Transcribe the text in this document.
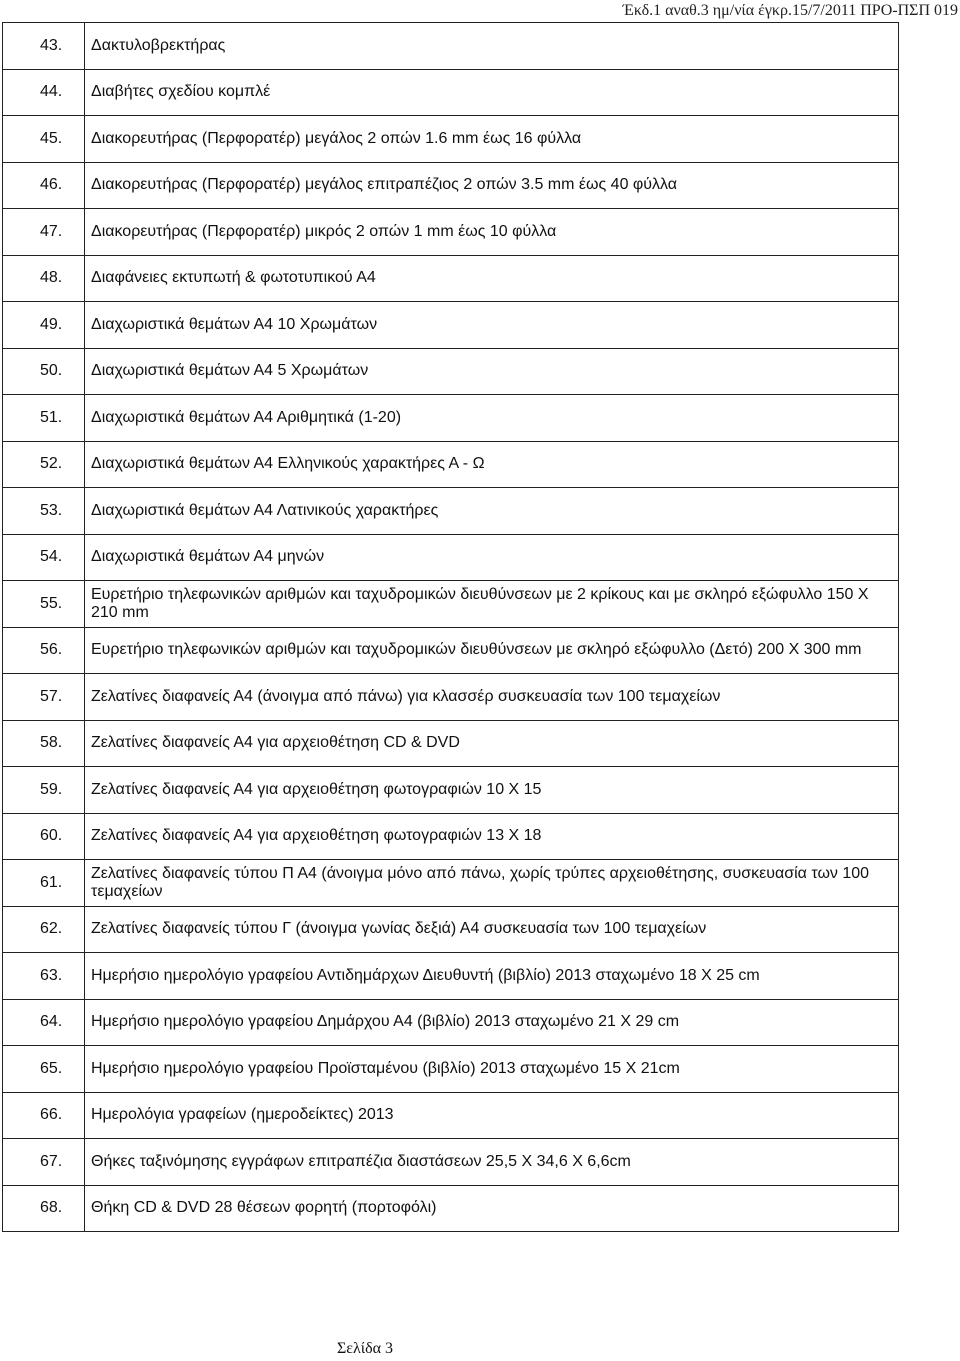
Έκδ.1 αναθ.3 ημ/νία έγκρ.15/7/2011 ΠΡΟ-ΠΣΠ 019
43.	Δακτυλοβρεκτήρας
44.	Διαβήτες σχεδίου κομπλέ
45.	Διακορευτήρας (Περφορατέρ) μεγάλος 2 οπών 1.6 mm έως 16 φύλλα
46.	Διακορευτήρας (Περφορατέρ) μεγάλος επιτραπέζιος 2 οπών 3.5 mm έως 40 φύλλα
47.	Διακορευτήρας (Περφορατέρ) μικρός 2 οπών 1 mm έως 10 φύλλα
48.	Διαφάνειες εκτυπωτή & φωτοτυπικού Α4
49.	Διαχωριστικά θεμάτων Α4 10 Χρωμάτων
50.	Διαχωριστικά θεμάτων Α4 5 Χρωμάτων
51.	Διαχωριστικά θεμάτων Α4 Αριθμητικά (1-20)
52.	Διαχωριστικά θεμάτων Α4 Ελληνικούς χαρακτήρες Α - Ω
53.	Διαχωριστικά θεμάτων Α4 Λατινικούς χαρακτήρες
54.	Διαχωριστικά θεμάτων Α4 μηνών
55.	Ευρετήριο τηλεφωνικών αριθμών και ταχυδρομικών διευθύνσεων με 2 κρίκους και με σκληρό εξώφυλλο 150 Χ 210 mm
56.	Ευρετήριο τηλεφωνικών αριθμών και ταχυδρομικών διευθύνσεων με σκληρό εξώφυλλο (Δετό) 200 Χ 300 mm
57.	Ζελατίνες διαφανείς Α4 (άνοιγμα από πάνω) για κλασσέρ συσκευασία των 100 τεμαχείων
58.	Ζελατίνες διαφανείς Α4 για αρχειοθέτηση CD & DVD
59.	Ζελατίνες διαφανείς Α4 για αρχειοθέτηση φωτογραφιών 10 Χ 15
60.	Ζελατίνες διαφανείς Α4 για αρχειοθέτηση φωτογραφιών 13 Χ 18
61.	Ζελατίνες διαφανείς τύπου Π Α4 (άνοιγμα μόνο από πάνω, χωρίς τρύπες αρχειοθέτησης, συσκευασία των 100 τεμαχείων
62.	Ζελατίνες διαφανείς τύπου Γ (άνοιγμα γωνίας δεξιά) Α4 συσκευασία των 100 τεμαχείων
63.	Ημερήσιο ημερολόγιο γραφείου Αντιδημάρχων Διευθυντή (βιβλίο) 2013 σταχωμένο 18 Χ 25 cm
64.	Ημερήσιο ημερολόγιο γραφείου Δημάρχου Α4 (βιβλίο) 2013 σταχωμένο 21 Χ 29 cm
65.	Ημερήσιο ημερολόγιο γραφείου Προϊσταμένου (βιβλίο) 2013 σταχωμένο 15 Χ 21cm
66.	Ημερολόγια γραφείων (ημεροδείκτες) 2013
67.	Θήκες ταξινόμησης εγγράφων επιτραπέζια διαστάσεων 25,5 Χ 34,6 Χ 6,6cm
68.	Θήκη CD & DVD 28 θέσεων φορητή (πορτοφόλι)
Σελίδα 3
